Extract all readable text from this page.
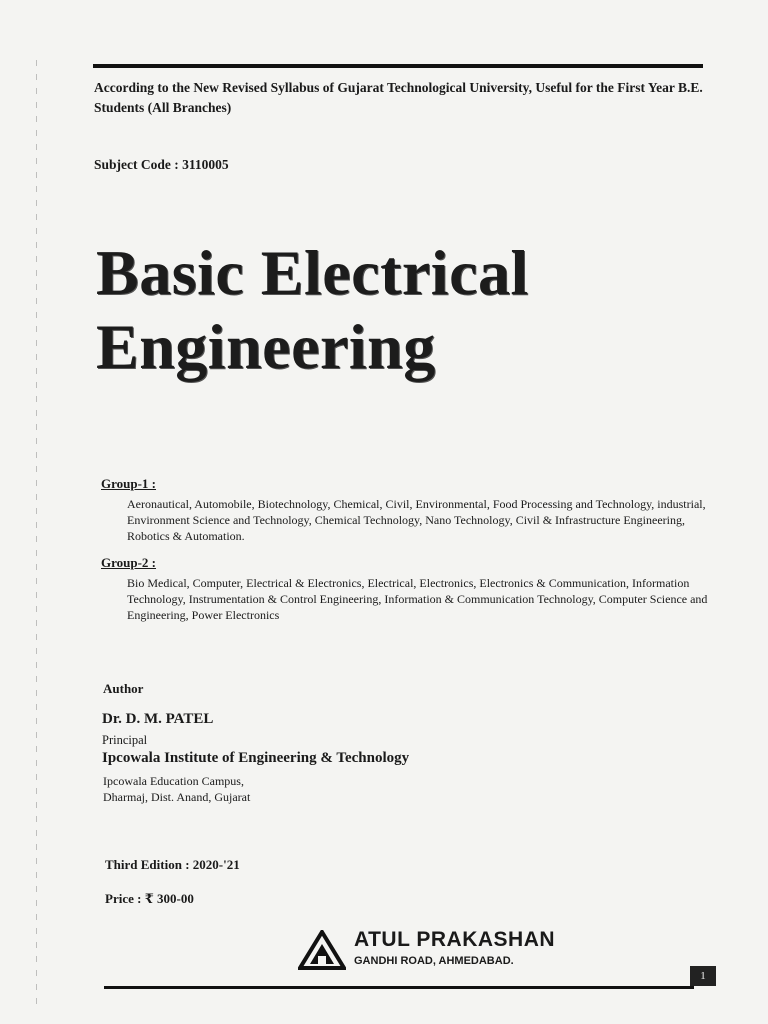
According to the New Revised Syllabus of Gujarat Technological University, Useful for the First Year B.E. Students (All Branches)
Subject Code : 3110005
Basic Electrical
Engineering
Group-1 :
Aeronautical, Automobile, Biotechnology, Chemical, Civil, Environmental, Food Processing and Technology, industrial, Environment Science and Technology, Chemical Technology, Nano Technology, Civil & Infrastructure Engineering, Robotics & Automation.
Group-2 :
Bio Medical, Computer, Electrical & Electronics, Electrical, Electronics, Electronics & Communication, Information Technology, Instrumentation & Control Engineering, Information & Communication Technology, Computer Science and Engineering, Power Electronics
Author
Dr. D. M. PATEL
Principal
Ipcowala Institute of Engineering & Technology
Ipcowala Education Campus,
Dharmaj, Dist. Anand, Gujarat
Third Edition : 2020-'21
Price : ₹ 300-00
ATUL PRAKASHAN
GANDHI ROAD, AHMEDABAD.
1
